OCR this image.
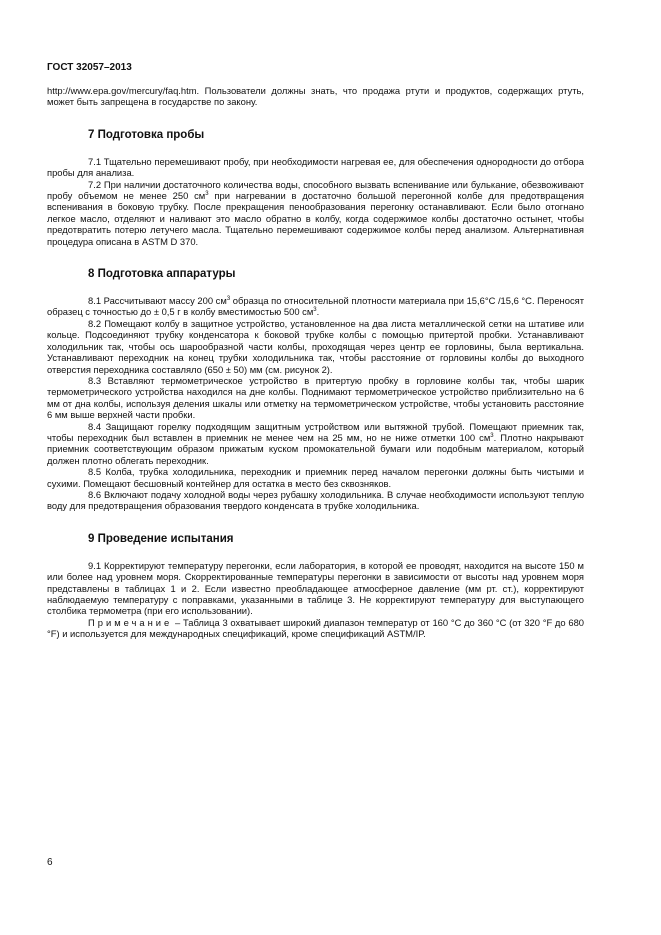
ГОСТ 32057–2013

http://www.epa.gov/mercury/faq.htm. Пользователи должны знать, что продажа ртути и продуктов, содержащих ртуть, может быть запрещена в государстве по закону.

7 Подготовка пробы

7.1 Тщательно перемешивают пробу, при необходимости нагревая ее, для обеспечения однородности до отбора пробы для анализа.

7.2 При наличии достаточного количества воды, способного вызвать вспенивание или булькание, обезвоживают пробу объемом не менее 250 $см^3$ при нагревании в достаточно большой перегонной колбе для предотвращения вспенивания в боковую трубку. После прекращения пенообразования перегонку останавливают. Если было отогнано легкое масло, отделяют и наливают это масло обратно в колбу, когда содержимое колбы достаточно остынет, чтобы предотвратить потерю летучего масла. Тщательно перемешивают содержимое колбы перед анализом. Альтернативная процедура описана в ASTM D 370.

8 Подготовка аппаратуры

8.1 Рассчитывают массу 200 $см^3$ образца по относительной плотности материала при 15,6°C /15,6 °C. Переносят образец с точностью до ± 0,5 г в колбу вместимостью 500 $см^3$.

8.2 Помещают колбу в защитное устройство, установленное на два листа металлической сетки на штативе или кольце. Подсоединяют трубку конденсатора к боковой трубке колбы с помощью притертой пробки. Устанавливают холодильник так, чтобы ось шарообразной части колбы, проходящая через центр ее горловины, была вертикальна. Устанавливают переходник на конец трубки холодильника так, чтобы расстояние от горловины колбы до выходного отверстия переходника составляло (650 ± 50) мм (см. рисунок 2).

8.3 Вставляют термометрическое устройство в притертую пробку в горловине колбы так, чтобы шарик термометрического устройства находился на дне колбы. Поднимают термометрическое устройство приблизительно на 6 мм от дна колбы, используя деления шкалы или отметку на термометрическом устройстве, чтобы установить расстояние 6 мм выше верхней части пробки.

8.4 Защищают горелку подходящим защитным устройством или вытяжной трубой. Помещают приемник так, чтобы переходник был вставлен в приемник не менее чем на 25 мм, но не ниже отметки 100 $см^3$. Плотно накрывают приемник соответствующим образом прижатым куском промокательной бумаги или подобным материалом, который должен плотно облегать переходник.

8.5 Колба, трубка холодильника, переходник и приемник перед началом перегонки должны быть чистыми и сухими. Помещают бесшовный контейнер для остатка в место без сквозняков.

8.6 Включают подачу холодной воды через рубашку холодильника. В случае необходимости используют теплую воду для предотвращения образования твердого конденсата в трубке холодильника.

9 Проведение испытания

9.1 Корректируют температуру перегонки, если лаборатория, в которой ее проводят, находится на высоте 150 м или более над уровнем моря. Скорректированные температуры перегонки в зависимости от высоты над уровнем моря представлены в таблицах 1 и 2. Если известно преобладающее атмосферное давление (мм рт. ст.), корректируют наблюдаемую температуру с поправками, указанными в таблице 3. Не корректируют температуру для выступающего столбика термометра (при его использовании).

Примечание – Таблица 3 охватывает широкий диапазон температур от 160 °C до 360 °C (от 320 °F до 680 °F) и используется для международных спецификаций, кроме спецификаций ASTM/IP.

6
